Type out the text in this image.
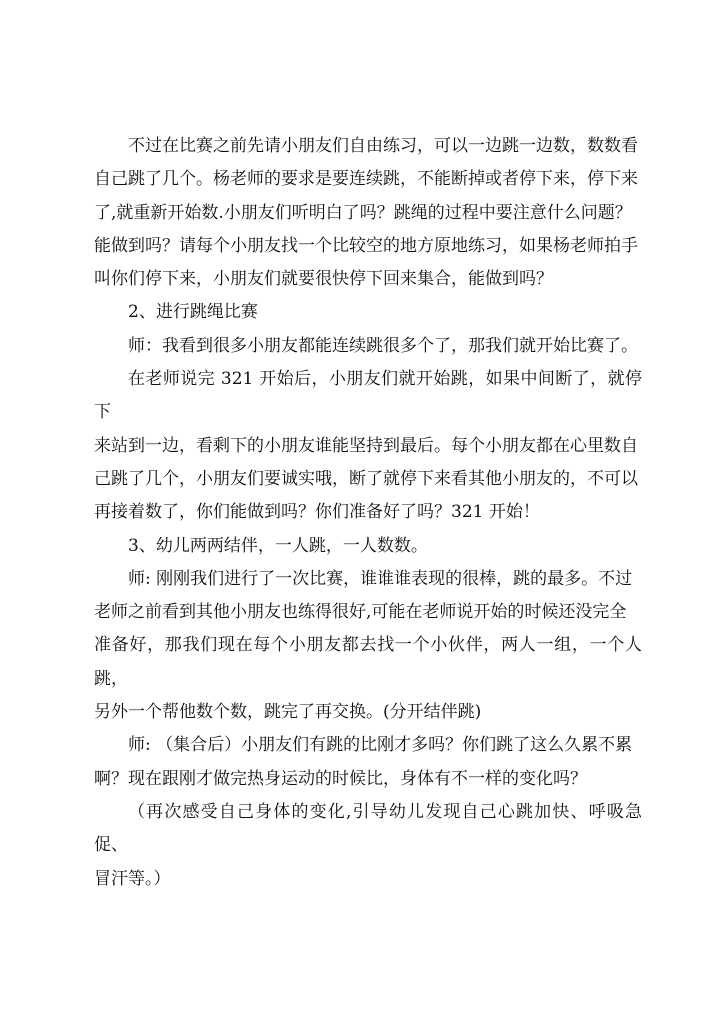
不过在比赛之前先请小朋友们自由练习，可以一边跳一边数，数数看
自己跳了几个。杨老师的要求是要连续跳，不能断掉或者停下来，停下来
了,就重新开始数.小朋友们听明白了吗？跳绳的过程中要注意什么问题？
能做到吗？请每个小朋友找一个比较空的地方原地练习，如果杨老师拍手
叫你们停下来，小朋友们就要很快停下回来集合，能做到吗？

2、进行跳绳比赛

师：我看到很多小朋友都能连续跳很多个了，那我们就开始比赛了。

在老师说完 321 开始后，小朋友们就开始跳，如果中间断了，就停下
来站到一边，看剩下的小朋友谁能坚持到最后。每个小朋友都在心里数自
己跳了几个，小朋友们要诚实哦，断了就停下来看其他小朋友的，不可以
再接着数了，你们能做到吗？你们准备好了吗？321 开始！

3、幼儿两两结伴，一人跳，一人数数。

师: 刚刚我们进行了一次比赛，谁谁谁表现的很棒，跳的最多。不过
老师之前看到其他小朋友也练得很好,可能在老师说开始的时候还没完全
准备好，那我们现在每个小朋友都去找一个小伙伴，两人一组，一个人跳，
另外一个帮他数个数，跳完了再交换。(分开结伴跳)

师: （集合后）小朋友们有跳的比刚才多吗？你们跳了这么久累不累
啊？现在跟刚才做完热身运动的时候比，身体有不一样的变化吗？

（再次感受自己身体的变化,引导幼儿发现自己心跳加快、呼吸急促、
冒汗等。）
